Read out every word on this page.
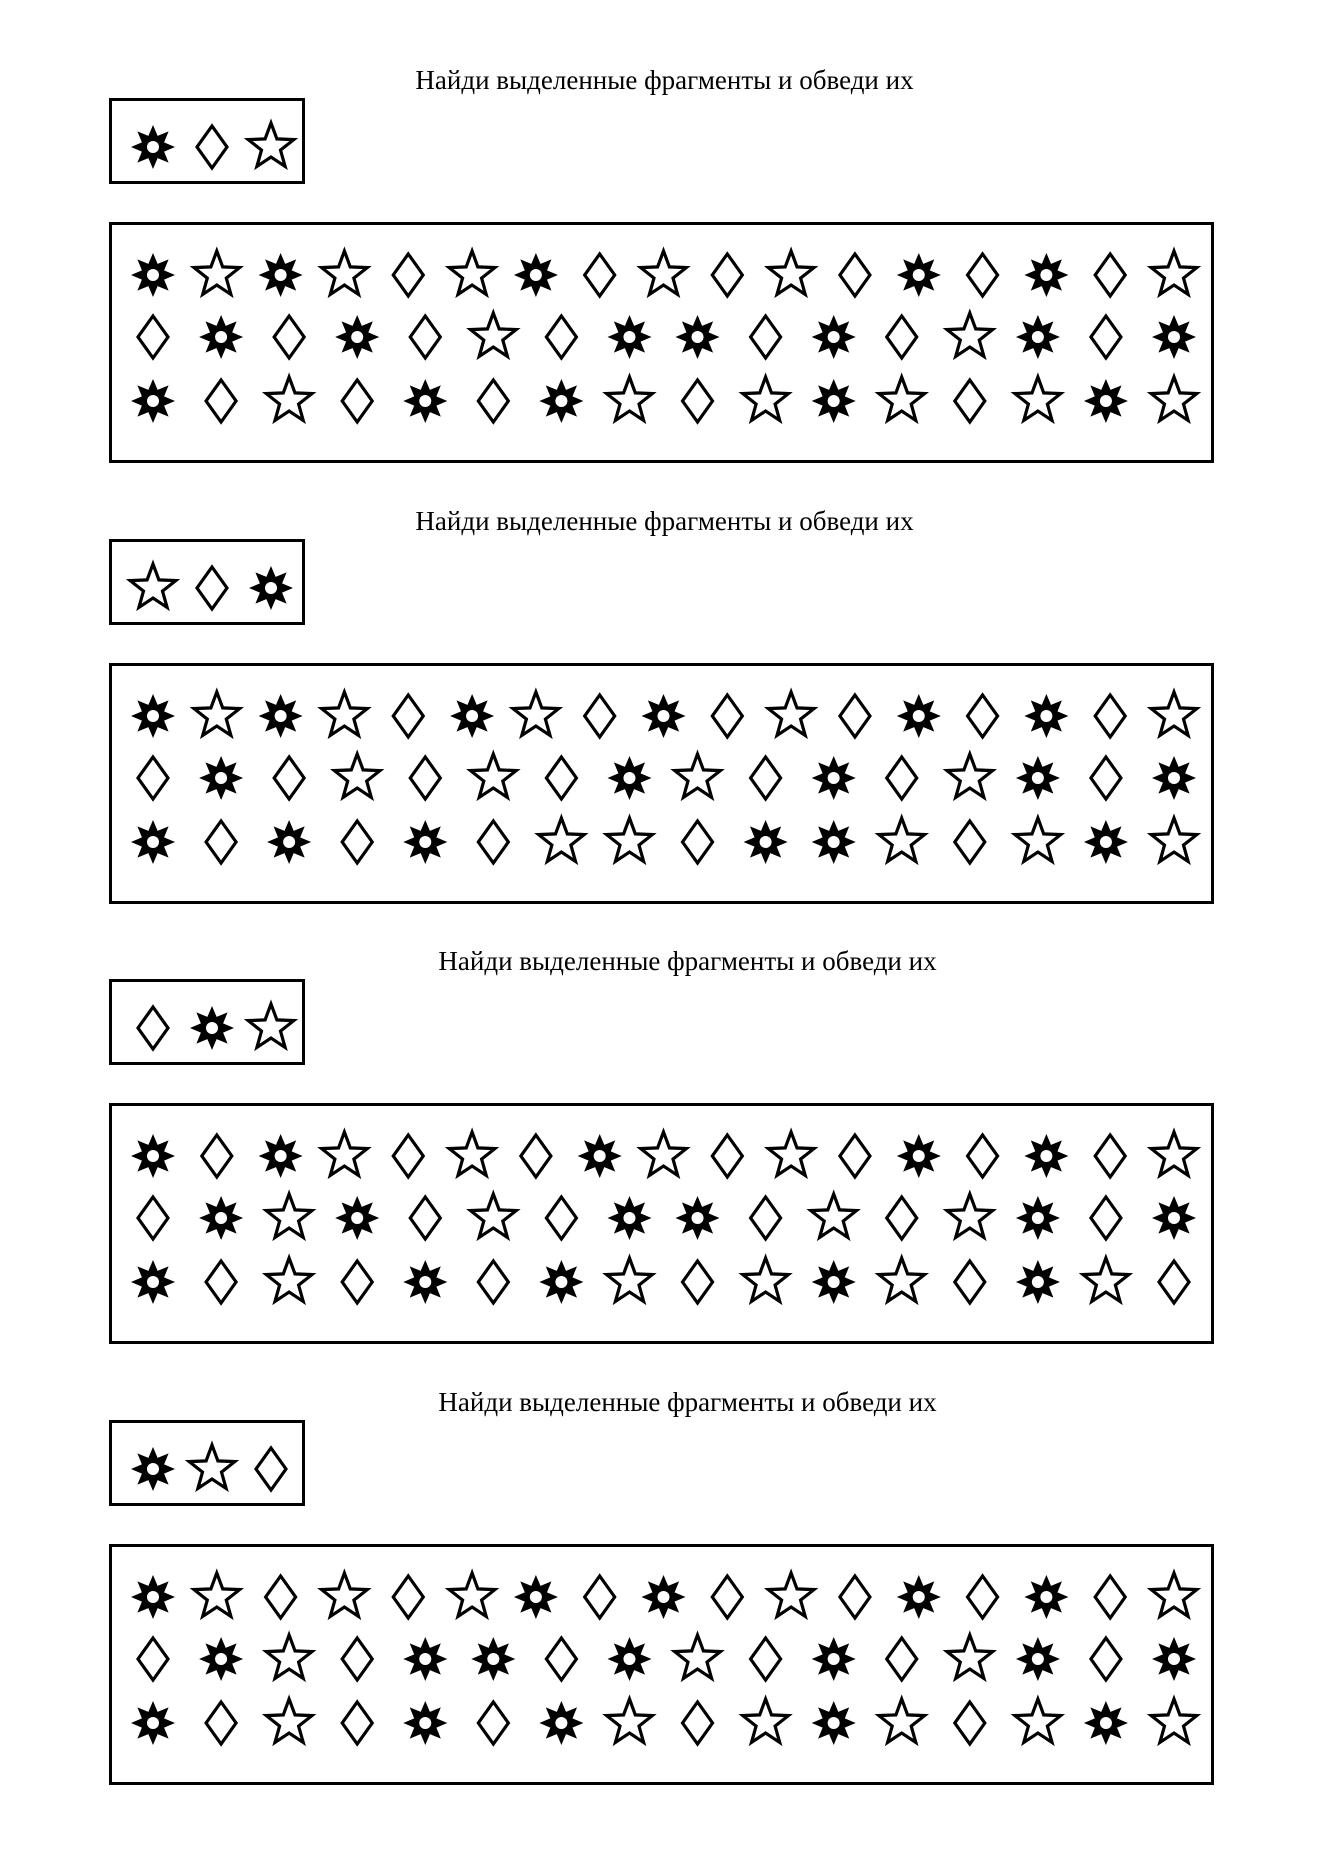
Найди выделенные фрагменты и обведи их
Найди выделенные фрагменты и обведи их
Найди выделенные фрагменты и обведи их
Найди выделенные фрагменты и обведи их
